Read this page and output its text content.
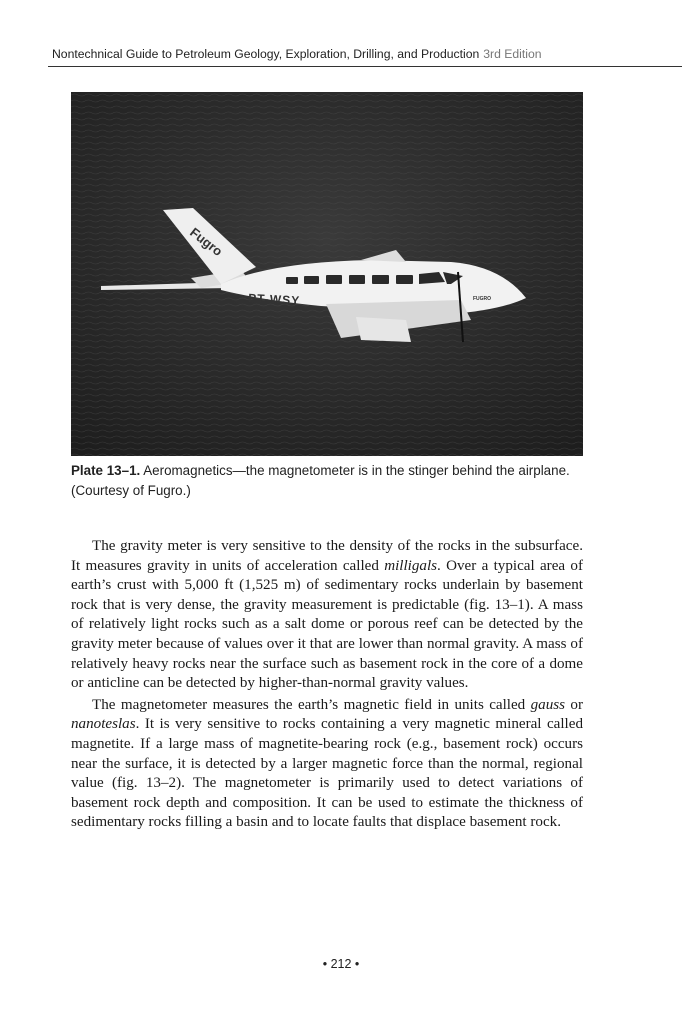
Nontechnical Guide to Petroleum Geology, Exploration, Drilling, and Production 3rd Edition
Fugro
PT-WSY	FUGRO
Plate 13–1. Aeromagnetics—the magnetometer is in the stinger behind the airplane. (Courtesy of Fugro.)

The gravity meter is very sensitive to the density of the rocks in the subsurface. It measures gravity in units of acceleration called milligals. Over a typical area of earth’s crust with 5,000 ft (1,525 m) of sedimentary rocks underlain by basement rock that is very dense, the gravity measurement is predictable (fig. 13–1). A mass of relatively light rocks such as a salt dome or porous reef can be detected by the gravity meter because of values over it that are lower than normal gravity. A mass of relatively heavy rocks near the surface such as basement rock in the core of a dome or anticline can be detected by higher-than-normal gravity values.

The magnetometer measures the earth’s magnetic field in units called gauss or nanoteslas. It is very sensitive to rocks containing a very magnetic mineral called magnetite. If a large mass of magnetite-bearing rock (e.g., basement rock) occurs near the surface, it is detected by a larger magnetic force than the normal, regional value (fig. 13–2). The magnetometer is primarily used to detect variations of basement rock depth and composition. It can be used to estimate the thickness of sedimentary rocks filling a basin and to locate faults that displace basement rock.

• 212 •
